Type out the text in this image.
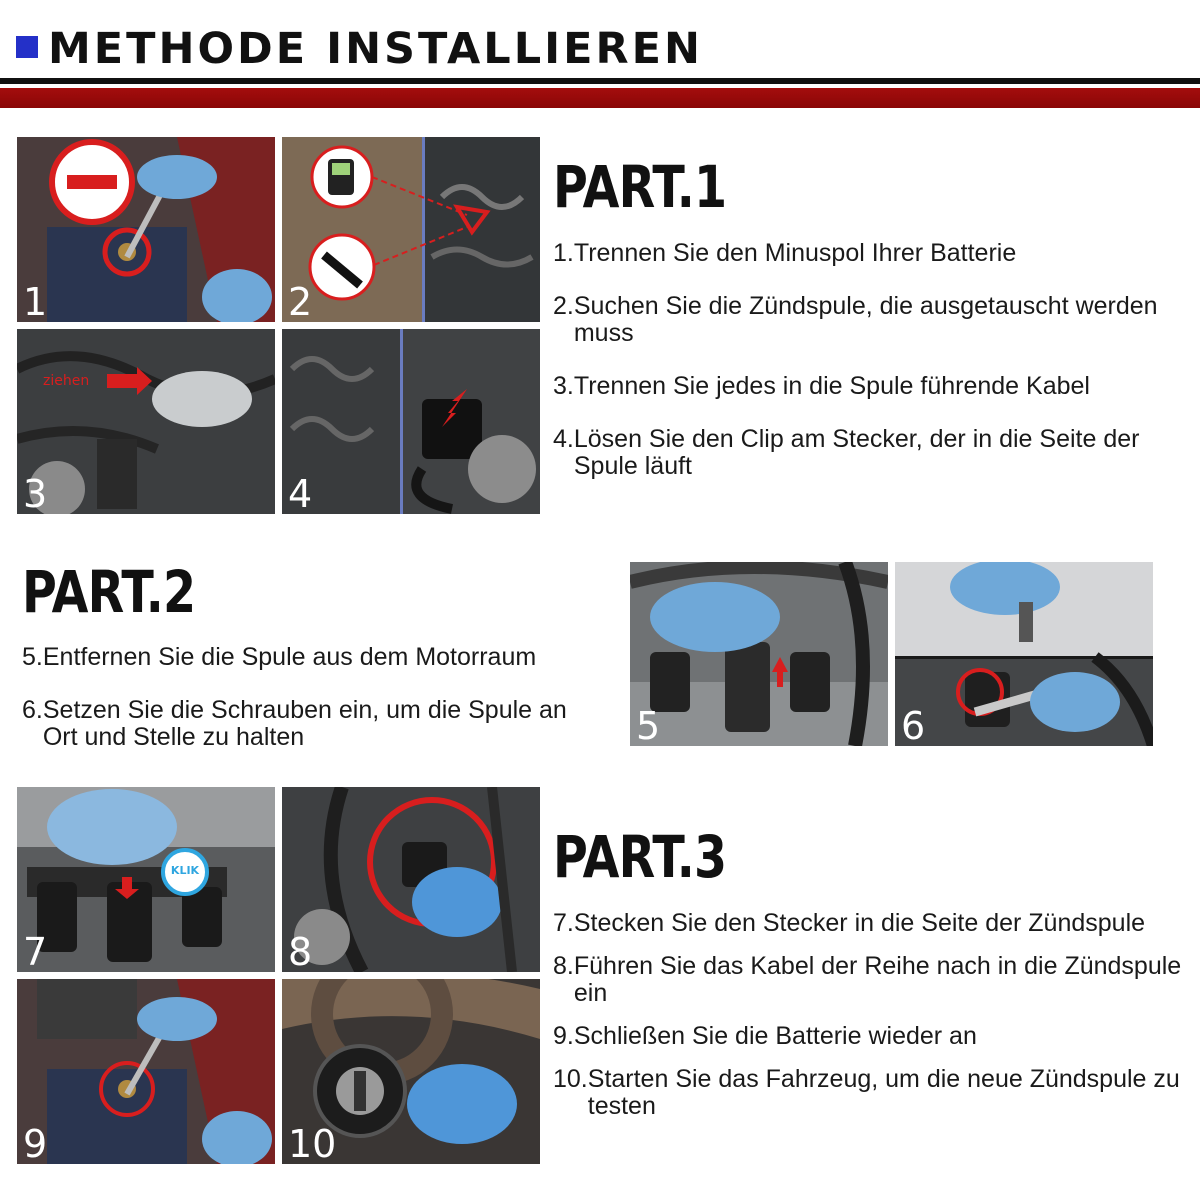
METHODE INSTALLIEREN
1	2
ziehen
3	4
PART.1
1. Trennen Sie den Minuspol Ihrer Batterie
2. Suchen Sie die Zündspule, die ausgetauscht werden muss
3. Trennen Sie jedes in die Spule führende Kabel
4. Lösen Sie den Clip am Stecker, der in die Seite der Spule läuft
PART.2
5. Entfernen Sie die Spule aus dem Motorraum
6. Setzen Sie die Schrauben ein, um die Spule an Ort und Stelle zu halten	5	6
KLIK
7	8
9	10
PART.3
7. Stecken Sie den Stecker in die Seite der Zündspule
8. Führen Sie das Kabel der Reihe nach in die Zündspule ein
9. Schließen Sie die Batterie wieder an
10. Starten Sie das Fahrzeug, um die neue Zündspule zu testen
